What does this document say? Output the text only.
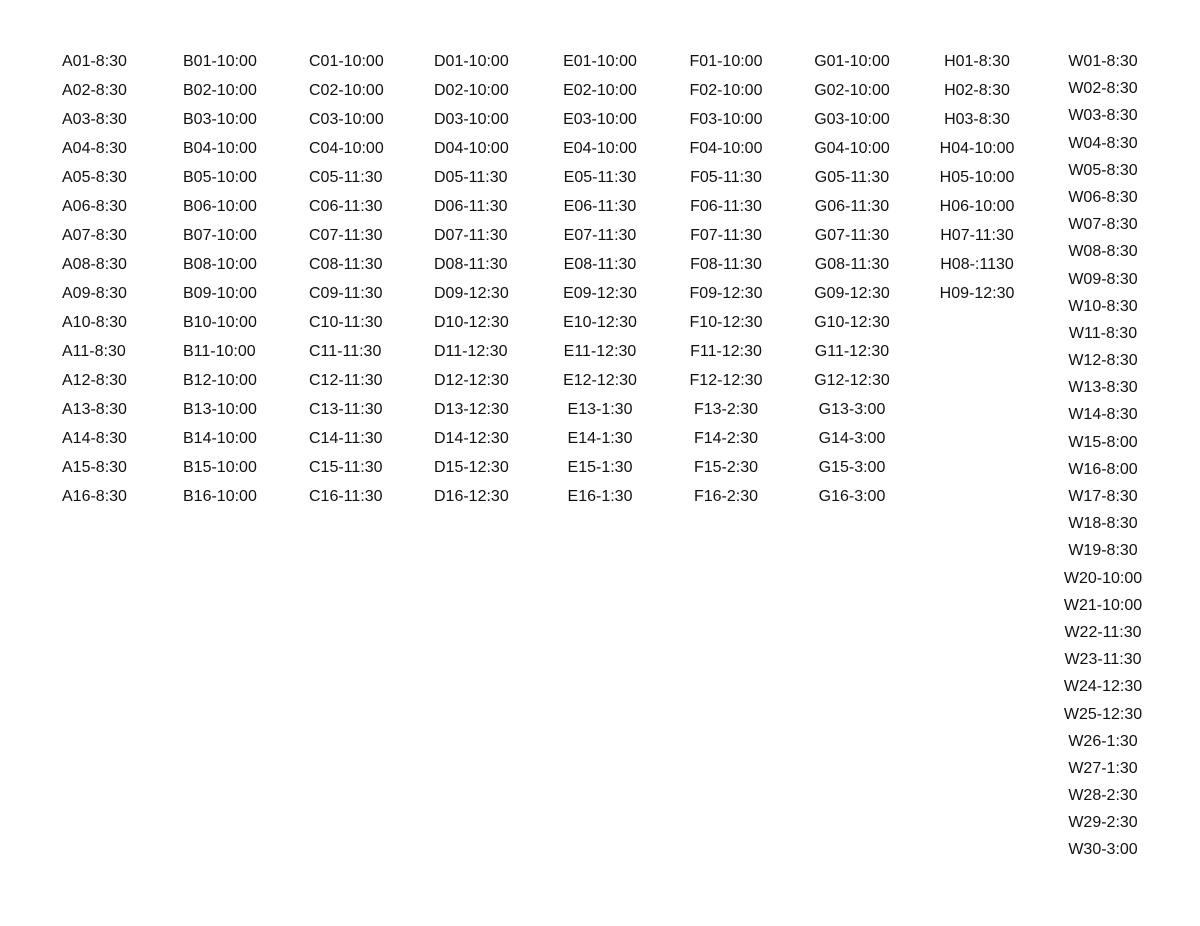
A01-8:30
A02-8:30
A03-8:30
A04-8:30
A05-8:30
A06-8:30
A07-8:30
A08-8:30
A09-8:30
A10-8:30
A11-8:30
A12-8:30
A13-8:30
A14-8:30
A15-8:30
A16-8:30
B01-10:00
B02-10:00
B03-10:00
B04-10:00
B05-10:00
B06-10:00
B07-10:00
B08-10:00
B09-10:00
B10-10:00
B11-10:00
B12-10:00
B13-10:00
B14-10:00
B15-10:00
B16-10:00
C01-10:00
C02-10:00
C03-10:00
C04-10:00
C05-11:30
C06-11:30
C07-11:30
C08-11:30
C09-11:30
C10-11:30
C11-11:30
C12-11:30
C13-11:30
C14-11:30
C15-11:30
C16-11:30
D01-10:00
D02-10:00
D03-10:00
D04-10:00
D05-11:30
D06-11:30
D07-11:30
D08-11:30
D09-12:30
D10-12:30
D11-12:30
D12-12:30
D13-12:30
D14-12:30
D15-12:30
D16-12:30
E01-10:00
E02-10:00
E03-10:00
E04-10:00
E05-11:30
E06-11:30
E07-11:30
E08-11:30
E09-12:30
E10-12:30
E11-12:30
E12-12:30
E13-1:30
E14-1:30
E15-1:30
E16-1:30
F01-10:00
F02-10:00
F03-10:00
F04-10:00
F05-11:30
F06-11:30
F07-11:30
F08-11:30
F09-12:30
F10-12:30
F11-12:30
F12-12:30
F13-2:30
F14-2:30
F15-2:30
F16-2:30
G01-10:00
G02-10:00
G03-10:00
G04-10:00
G05-11:30
G06-11:30
G07-11:30
G08-11:30
G09-12:30
G10-12:30
G11-12:30
G12-12:30
G13-3:00
G14-3:00
G15-3:00
G16-3:00
H01-8:30
H02-8:30
H03-8:30
H04-10:00
H05-10:00
H06-10:00
H07-11:30
H08-:1130
H09-12:30
W01-8:30
W02-8:30
W03-8:30
W04-8:30
W05-8:30
W06-8:30
W07-8:30
W08-8:30
W09-8:30
W10-8:30
W11-8:30
W12-8:30
W13-8:30
W14-8:30
W15-8:00
W16-8:00
W17-8:30
W18-8:30
W19-8:30
W20-10:00
W21-10:00
W22-11:30
W23-11:30
W24-12:30
W25-12:30
W26-1:30
W27-1:30
W28-2:30
W29-2:30
W30-3:00
